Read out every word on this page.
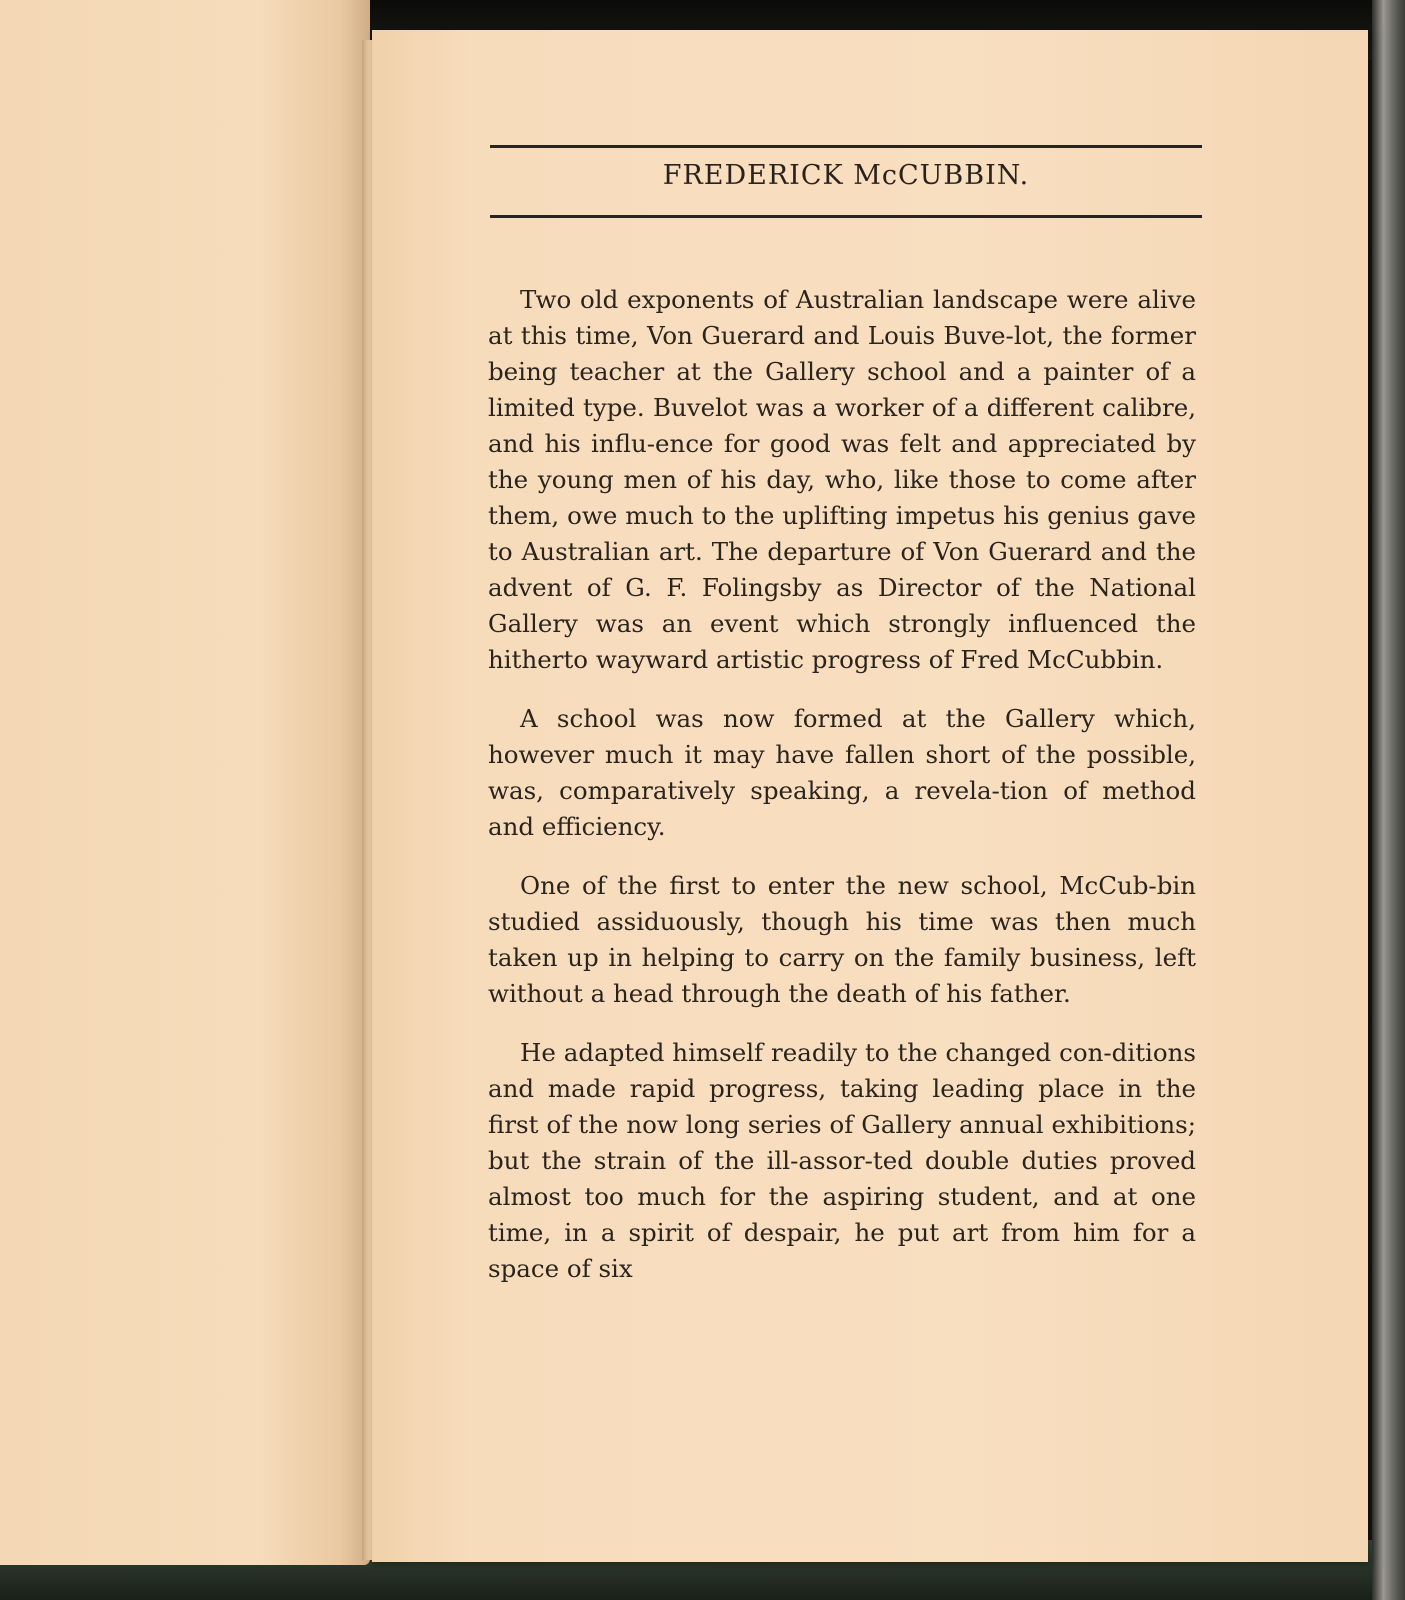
FREDERICK McCUBBIN.

Two old exponents of Australian landscape were alive at this time, Von Guerard and Louis Buve-lot, the former being teacher at the Gallery school and a painter of a limited type. Buvelot was a worker of a different calibre, and his influ-ence for good was felt and appreciated by the young men of his day, who, like those to come after them, owe much to the uplifting impetus his genius gave to Australian art. The departure of Von Guerard and the advent of G. F. Folingsby as Director of the National Gallery was an event which strongly influenced the hitherto wayward artistic progress of Fred McCubbin.

A school was now formed at the Gallery which, however much it may have fallen short of the possible, was, comparatively speaking, a revela-tion of method and efficiency.

One of the first to enter the new school, McCub-bin studied assiduously, though his time was then much taken up in helping to carry on the family business, left without a head through the death of his father.

He adapted himself readily to the changed con-ditions and made rapid progress, taking leading place in the first of the now long series of Gallery annual exhibitions; but the strain of the ill-assor-ted double duties proved almost too much for the aspiring student, and at one time, in a spirit of despair, he put art from him for a space of six
